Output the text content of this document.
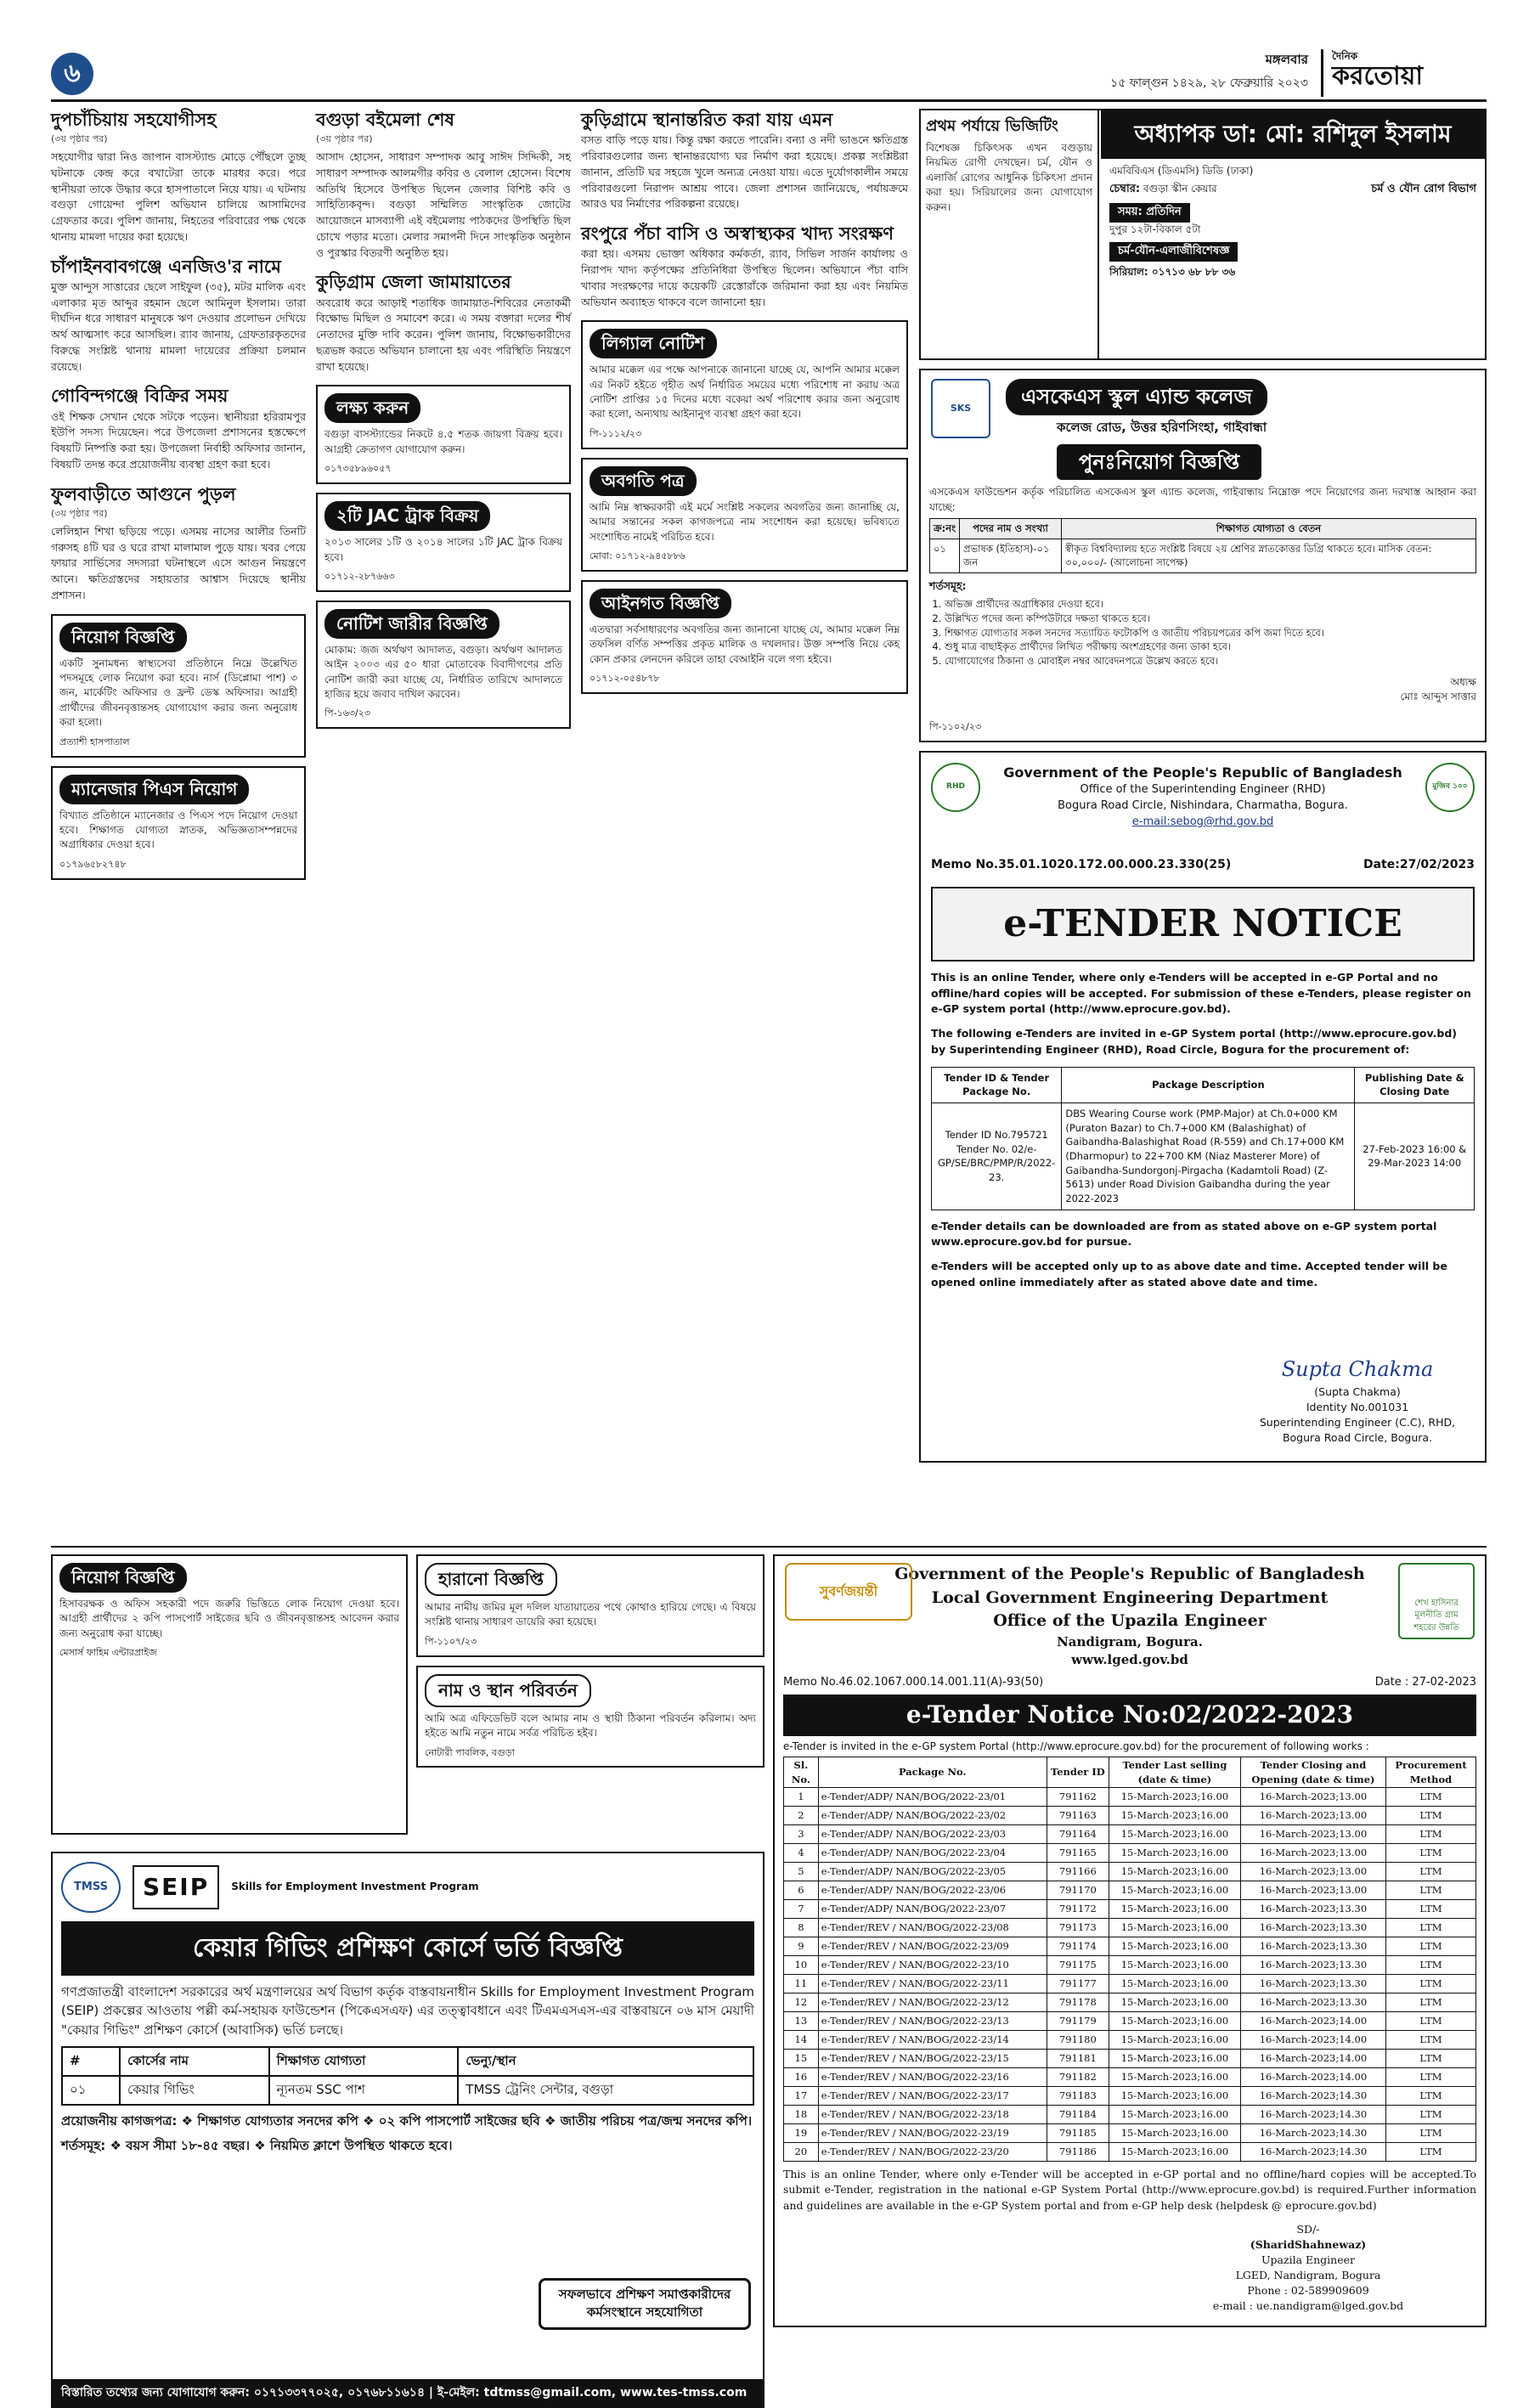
৬	মঙ্গলবার
১৫ ফাল্গুন ১৪২৯, ২৮ ফেব্রুয়ারি ২০২৩
দৈনিক
করতোয়া
দুপচাঁচিয়ায় সহযোগীসহ
(৩য় পৃষ্ঠার পর)

সহযোগীর দ্বারা নিও জাপান বাসস্ট্যান্ড মোড়ে পৌঁছলে তুচ্ছ ঘটনাকে কেন্দ্র করে বখাটেরা তাকে মারধর করে। পরে স্থানীয়রা তাকে উদ্ধার করে হাসপাতালে নিয়ে যায়। এ ঘটনায় বগুড়া গোয়েন্দা পুলিশ অভিযান চালিয়ে আসামিদের গ্রেফতার করে। পুলিশ জানায়, নিহতের পরিবারের পক্ষ থেকে থানায় মামলা দায়ের করা হয়েছে।

চাঁপাইনবাবগঞ্জে এনজিও'র নামে

মুক্ত আন্দুস সাত্তারের ছেলে সাইফুল (৩৫), মটর মালিক এবং এলাকার মৃত আব্দুর রহমান ছেলে আমিনুল ইসলাম। তারা দীর্ঘদিন ধরে সাধারণ মানুষকে ঋণ দেওয়ার প্রলোভন দেখিয়ে অর্থ আত্মসাৎ করে আসছিল। র‌্যাব জানায়, গ্রেফতারকৃতদের বিরুদ্ধে সংশ্লিষ্ট থানায় মামলা দায়েরের প্রক্রিয়া চলমান রয়েছে।

গোবিন্দগঞ্জে বিক্রির সময়

ওই শিক্ষক সেখান থেকে সটকে পড়েন। স্থানীয়রা হরিরামপুর ইউপি সদস্য দিয়েছেন। পরে উপজেলা প্রশাসনের হস্তক্ষেপে বিষয়টি নিষ্পত্তি করা হয়। উপজেলা নির্বাহী অফিসার জানান, বিষয়টি তদন্ত করে প্রয়োজনীয় ব্যবস্থা গ্রহণ করা হবে।

ফুলবাড়ীতে আগুনে পুড়ল
(৩য় পৃষ্ঠার পর)

লেলিহান শিখা ছড়িয়ে পড়ে। এসময় নাসের আলীর তিনটি গরুসহ ৪টি ঘর ও ঘরে রাখা মালামাল পুড়ে যায়। খবর পেয়ে ফায়ার সার্ভিসের সদস্যরা ঘটনাস্থলে এসে আগুন নিয়ন্ত্রণে আনে। ক্ষতিগ্রস্তদের সহায়তার আশ্বাস দিয়েছে স্থানীয় প্রশাসন।

নিয়োগ বিজ্ঞপ্তি

একটি সুনামধন্য স্বাস্থ্যসেবা প্রতিষ্ঠানে নিম্নে উল্লেখিত পদসমূহে লোক নিয়োগ করা হবে। নার্স (ডিপ্লোমা পাশ) ৩ জন, মার্কেটিং অফিসার ও ফ্রন্ট ডেস্ক অফিসার। আগ্রহী প্রার্থীদের জীবনবৃত্তান্তসহ যোগাযোগ করার জন্য অনুরোধ করা হলো।

প্রত্যাশী হাসপাতাল
ম্যানেজার পিএস নিয়োগ

বিখ্যাত প্রতিষ্ঠানে ম্যানেজার ও পিএস পদে নিয়োগ দেওয়া হবে। শিক্ষাগত যোগ্যতা স্নাতক, অভিজ্ঞতাসম্পন্নদের অগ্রাধিকার দেওয়া হবে।

০১৭৯৬৫৮২৭৪৮
বগুড়া বইমেলা শেষ
(৩য় পৃষ্ঠার পর)

আসাদ হোসেন, সাধারণ সম্পাদক আবু সাঈদ সিদ্দিকী, সহ সাধারণ সম্পাদক আলমগীর কবির ও বেলাল হোসেন। বিশেষ অতিথি হিসেবে উপস্থিত ছিলেন জেলার বিশিষ্ট কবি ও সাহিত্যিকবৃন্দ। বগুড়া সম্মিলিত সাংস্কৃতিক জোটের আয়োজনে মাসব্যাপী এই বইমেলায় পাঠকদের উপস্থিতি ছিল চোখে পড়ার মতো। মেলার সমাপনী দিনে সাংস্কৃতিক অনুষ্ঠান ও পুরস্কার বিতরণী অনুষ্ঠিত হয়।

কুড়িগ্রাম জেলা জামায়াতের

অবরোধ করে আড়াই শতাধিক জামায়াত-শিবিরের নেতাকর্মী বিক্ষোভ মিছিল ও সমাবেশ করে। এ সময় বক্তারা দলের শীর্ষ নেতাদের মুক্তি দাবি করেন। পুলিশ জানায়, বিক্ষোভকারীদের ছত্রভঙ্গ করতে অভিযান চালানো হয় এবং পরিস্থিতি নিয়ন্ত্রণে রাখা হয়েছে।

লক্ষ্য করুন

বগুড়া বাসস্ট্যান্ডের নিকটে ৪.৫ শতক জায়গা বিক্রয় হবে। আগ্রহী ক্রেতাগণ যোগাযোগ করুন।

০১৭৩৫৮৯৬০৫৭
২টি JAC ট্রাক বিক্রয়

২০১৩ সালের ১টি ও ২০১৪ সালের ১টি JAC ট্রাক বিক্রয় হবে।

০১৭১২-২৮৭৬৬৩
নোটিশ জারীর বিজ্ঞপ্তি

মোকাম: জজ অর্থঋণ আদালত, বগুড়া। অর্থঋণ আদালত আইন ২০০৩ এর ৫০ ধারা মোতাবেক বিবাদীগণের প্রতি নোটিশ জারী করা যাচ্ছে যে, নির্ধারিত তারিখে আদালতে হাজির হয়ে জবাব দাখিল করবেন।

পি-১৬৩/২৩
কুড়িগ্রামে স্থানান্তরিত করা যায় এমন

বসত বাড়ি পড়ে যায়। কিন্তু রক্ষা করতে পারেনি। বন্যা ও নদী ভাঙনে ক্ষতিগ্রস্ত পরিবারগুলোর জন্য স্থানান্তরযোগ্য ঘর নির্মাণ করা হয়েছে। প্রকল্প সংশ্লিষ্টরা জানান, প্রতিটি ঘর সহজে খুলে অন্যত্র নেওয়া যায়। এতে দুর্যোগকালীন সময়ে পরিবারগুলো নিরাপদ আশ্রয় পাবে। জেলা প্রশাসন জানিয়েছে, পর্যায়ক্রমে আরও ঘর নির্মাণের পরিকল্পনা রয়েছে।

রংপুরে পঁচা বাসি ও অস্বাস্থ্যকর খাদ্য সংরক্ষণ

করা হয়। এসময় ভোক্তা অধিকার কর্মকর্তা, র‌্যাব, সিভিল সার্জন কার্যালয় ও নিরাপদ খাদ্য কর্তৃপক্ষের প্রতিনিধিরা উপস্থিত ছিলেন। অভিযানে পঁচা বাসি খাবার সংরক্ষণের দায়ে কয়েকটি রেস্তোরাঁকে জরিমানা করা হয় এবং নিয়মিত অভিযান অব্যাহত থাকবে বলে জানানো হয়।

লিগ্যাল নোটিশ

আমার মক্কেল এর পক্ষে আপনাকে জানানো যাচ্ছে যে, আপনি আমার মক্কেল এর নিকট হইতে গৃহীত অর্থ নির্ধারিত সময়ের মধ্যে পরিশোধ না করায় অত্র নোটিশ প্রাপ্তির ১৫ দিনের মধ্যে বকেয়া অর্থ পরিশোধ করার জন্য অনুরোধ করা হলো, অন্যথায় আইনানুগ ব্যবস্থা গ্রহণ করা হবে।

পি-১১১২/২৩
অবগতি পত্র

আমি নিম্ন স্বাক্ষরকারী এই মর্মে সংশ্লিষ্ট সকলের অবগতির জন্য জানাচ্ছি যে, আমার সন্তানের সকল কাগজপত্রে নাম সংশোধন করা হয়েছে। ভবিষ্যতে সংশোধিত নামেই পরিচিত হবে।

মোবা: ০১৭১২-৯৪৫৮৮৬
আইনগত বিজ্ঞপ্তি

এতদ্বারা সর্বসাধারণের অবগতির জন্য জানানো যাচ্ছে যে, আমার মক্কেল নিম্ন তফসিল বর্ণিত সম্পত্তির প্রকৃত মালিক ও দখলদার। উক্ত সম্পত্তি নিয়ে কেহ কোন প্রকার লেনদেন করিলে তাহা বেআইনি বলে গণ্য হইবে।

০১৭১২-০৫৪৮৭৮
প্রথম পর্যায়ে ভিজিটিং

বিশেষজ্ঞ চিকিৎসক এখন বগুড়ায় নিয়মিত রোগী দেখছেন। চর্ম, যৌন ও এলার্জি রোগের আধুনিক চিকিৎসা প্রদান করা হয়। সিরিয়ালের জন্য যোগাযোগ করুন।

অধ্যাপক ডা: মো: রশিদুল ইসলাম
এমবিবিএস (ডিএমসি) ডিডি (ঢাকা)
চেম্বার: বগুড়া স্কীন কেয়ার	চর্ম ও যৌন রোগ বিভাগ
সময়: প্রতিদিন
দুপুর ১২টা-বিকাল ৫টা
চর্ম-যৌন-এলার্জীবিশেষজ্ঞ
সিরিয়াল: ০১৭১৩ ৬৮ ৮৮ ৩৬
SKS	এসকেএস স্কুল এ্যান্ড কলেজ
কলেজ রোড, উত্তর হরিণসিংহা, গাইবান্ধা
পুনঃনিয়োগ বিজ্ঞপ্তি

এসকেএস ফাউন্ডেশন কর্তৃক পরিচালিত এসকেএস স্কুল এ্যান্ড কলেজ, গাইবান্ধায় নিম্নোক্ত পদে নিয়োগের জন্য দরখাস্ত আহ্বান করা যাচ্ছে:

ক্র:নং	পদের নাম ও সংখ্যা	শিক্ষাগত যোগ্যতা ও বেতন
০১	প্রভাষক (ইতিহাস)-০১ জন	স্বীকৃত বিশ্ববিদ্যালয় হতে সংশ্লিষ্ট বিষয়ে ২য় শ্রেণির স্নাতকোত্তর ডিগ্রি থাকতে হবে। মাসিক বেতন: ৩০,০০০/- (আলোচনা সাপেক্ষ)
শর্তসমূহ:
1. অভিজ্ঞ প্রার্থীদের অগ্রাধিকার দেওয়া হবে।
2. উল্লিখিত পদের জন্য কম্পিউটারে দক্ষতা থাকতে হবে।
3. শিক্ষাগত যোগ্যতার সকল সনদের সত্যায়িত ফটোকপি ও জাতীয় পরিচয়পত্রের কপি জমা দিতে হবে।
4. শুধু মাত্র বাছাইকৃত প্রার্থীদের লিখিত পরীক্ষায় অংশগ্রহণের জন্য ডাকা হবে।
5. যোগাযোগের ঠিকানা ও মোবাইল নম্বর আবেদনপত্রে উল্লেখ করতে হবে।
অধ্যক্ষ
মোঃ আব্দুস সাত্তার
পি-১১০২/২৩
RHD	মুজিব ১০০
Government of the People's Republic of Bangladesh
Office of the Superintending Engineer (RHD)
Bogura Road Circle, Nishindara, Charmatha, Bogura.
e-mail:sebog@rhd.gov.bd
Memo No.35.01.1020.172.00.000.23.330(25)	Date:27/02/2023
e-TENDER NOTICE

This is an online Tender, where only e-Tenders will be accepted in e-GP Portal and no offline/hard copies will be accepted. For submission of these e-Tenders, please register on e-GP system portal (http://www.eprocure.gov.bd).

The following e-Tenders are invited in e-GP System portal (http://www.eprocure.gov.bd) by Superintending Engineer (RHD), Road Circle, Bogura for the procurement of:

Tender ID & Tender Package No.	Package Description	Publishing Date & Closing Date
Tender ID No.795721 Tender No. 02/e-GP/SE/BRC/PMP/R/2022-23.	DBS Wearing Course work (PMP-Major) at Ch.0+000 KM (Puraton Bazar) to Ch.7+000 KM (Balashighat) of Gaibandha-Balashighat Road (R-559) and Ch.17+000 KM (Dharmopur) to 22+700 KM (Niaz Masterer More) of Gaibandha-Sundorgonj-Pirgacha (Kadamtoli Road) (Z-5613) under Road Division Gaibandha during the year 2022-2023	27-Feb-2023 16:00 & 29-Mar-2023 14:00

e-Tender details can be downloaded are from as stated above on e-GP system portal www.eprocure.gov.bd for pursue.

e-Tenders will be accepted only up to as above date and time. Accepted tender will be opened online immediately after as stated above date and time.

Supta Chakma
(Supta Chakma)
Identity No.001031
Superintending Engineer (C.C), RHD,
Bogura Road Circle, Bogura.
নিয়োগ বিজ্ঞপ্তি

হিসাবরক্ষক ও অফিস সহকারী পদে জরুরি ভিত্তিতে লোক নিয়োগ দেওয়া হবে। আগ্রহী প্রার্থীদের ২ কপি পাসপোর্ট সাইজের ছবি ও জীবনবৃত্তান্তসহ আবেদন করার জন্য অনুরোধ করা যাচ্ছে।

মেসার্স ফাহিম এন্টারপ্রাইজ
হারানো বিজ্ঞপ্তি

আমার নামীয় জমির মূল দলিল যাতায়াতের পথে কোথাও হারিয়ে গেছে। এ বিষয়ে সংশ্লিষ্ট থানায় সাধারণ ডায়েরি করা হয়েছে।

পি-১১০৭/২৩
নাম ও স্থান পরিবর্তন

আমি অত্র এফিডেভিট বলে আমার নাম ও স্থায়ী ঠিকানা পরিবর্তন করিলাম। অদ্য হইতে আমি নতুন নামে সর্বত্র পরিচিত হইব।

নোটারী পাবলিক, বগুড়া
TMSS	SEIP	Skills for Employment Investment Program
কেয়ার গিভিং প্রশিক্ষণ কোর্সে ভর্তি বিজ্ঞপ্তি

গণপ্রজাতন্ত্রী বাংলাদেশ সরকারের অর্থ মন্ত্রণালয়ের অর্থ বিভাগ কর্তৃক বাস্তবায়নাধীন Skills for Employment Investment Program (SEIP) প্রকল্পের আওতায় পল্লী কর্ম-সহায়ক ফাউন্ডেশন (পিকেএসএফ) এর তত্ত্বাবধানে এবং টিএমএসএস-এর বাস্তবায়নে ০৬ মাস মেয়াদী "কেয়ার গিভিং" প্রশিক্ষণ কোর্সে (আবাসিক) ভর্তি চলছে।

#	কোর্সের নাম	শিক্ষাগত যোগ্যতা	ভেন্যু/স্থান
০১	কেয়ার গিভিং	ন্যূনতম SSC পাশ	TMSS ট্রেনিং সেন্টার, বগুড়া
প্রয়োজনীয় কাগজপত্র: ❖ শিক্ষাগত যোগ্যতার সনদের কপি ❖ ০২ কপি পাসপোর্ট সাইজের ছবি ❖ জাতীয় পরিচয় পত্র/জন্ম সনদের কপি।
শর্তসমূহ: ❖ বয়স সীমা ১৮-৪৫ বছর। ❖ নিয়মিত ক্লাশে উপস্থিত থাকতে হবে।
সফলভাবে প্রশিক্ষণ সমাপ্তকারীদের কর্মসংস্থানে সহযোগিতা
বিস্তারিত তথ্যের জন্য যোগাযোগ করুন: ০১৭১৩৩৭৭০২৫, ০১৭৬৮১১৬১৪ | ই-মেইল: tdtmss@gmail.com, www.tes-tmss.com
সুবর্ণজয়ন্তী
শেখ হাসিনার মূলনীতি গ্রাম শহরের উন্নতি
Government of the People's Republic of Bangladesh
Local Government Engineering Department
Office of the Upazila Engineer
Nandigram, Bogura.
www.lged.gov.bd
Memo No.46.02.1067.000.14.001.11(A)-93(50)	Date : 27-02-2023
e-Tender Notice No:02/2022-2023
e-Tender is invited in the e-GP system Portal (http://www.eprocure.gov.bd) for the procurement of following works :
Sl. No.	Package No.	Tender ID	Tender Last selling (date & time)	Tender Closing and Opening (date & time)	Procurement Method
1	e-Tender/ADP/ NAN/BOG/2022-23/01	791162	15-March-2023;16.00	16-March-2023;13.00	LTM
2	e-Tender/ADP/ NAN/BOG/2022-23/02	791163	15-March-2023;16.00	16-March-2023;13.00	LTM
3	e-Tender/ADP/ NAN/BOG/2022-23/03	791164	15-March-2023;16.00	16-March-2023;13.00	LTM
4	e-Tender/ADP/ NAN/BOG/2022-23/04	791165	15-March-2023;16.00	16-March-2023;13.00	LTM
5	e-Tender/ADP/ NAN/BOG/2022-23/05	791166	15-March-2023;16.00	16-March-2023;13.00	LTM
6	e-Tender/ADP/ NAN/BOG/2022-23/06	791170	15-March-2023;16.00	16-March-2023;13.00	LTM
7	e-Tender/ADP/ NAN/BOG/2022-23/07	791172	15-March-2023;16.00	16-March-2023;13.30	LTM
8	e-Tender/REV / NAN/BOG/2022-23/08	791173	15-March-2023;16.00	16-March-2023;13.30	LTM
9	e-Tender/REV / NAN/BOG/2022-23/09	791174	15-March-2023;16.00	16-March-2023;13.30	LTM
10	e-Tender/REV / NAN/BOG/2022-23/10	791175	15-March-2023;16.00	16-March-2023;13.30	LTM
11	e-Tender/REV / NAN/BOG/2022-23/11	791177	15-March-2023;16.00	16-March-2023;13.30	LTM
12	e-Tender/REV / NAN/BOG/2022-23/12	791178	15-March-2023;16.00	16-March-2023;13.30	LTM
13	e-Tender/REV / NAN/BOG/2022-23/13	791179	15-March-2023;16.00	16-March-2023;14.00	LTM
14	e-Tender/REV / NAN/BOG/2022-23/14	791180	15-March-2023;16.00	16-March-2023;14.00	LTM
15	e-Tender/REV / NAN/BOG/2022-23/15	791181	15-March-2023;16.00	16-March-2023;14.00	LTM
16	e-Tender/REV / NAN/BOG/2022-23/16	791182	15-March-2023;16.00	16-March-2023;14.00	LTM
17	e-Tender/REV / NAN/BOG/2022-23/17	791183	15-March-2023;16.00	16-March-2023;14.30	LTM
18	e-Tender/REV / NAN/BOG/2022-23/18	791184	15-March-2023;16.00	16-March-2023;14.30	LTM
19	e-Tender/REV / NAN/BOG/2022-23/19	791185	15-March-2023;16.00	16-March-2023;14.30	LTM
20	e-Tender/REV / NAN/BOG/2022-23/20	791186	15-March-2023;16.00	16-March-2023;14.30	LTM
This is an online Tender, where only e-Tender will be accepted in e-GP portal and no offline/hard copies will be accepted.To submit e-Tender, registration in the national e-GP System Portal (http://www.eprocure.gov.bd) is required.Further information and guidelines are available in the e-GP System portal and from e-GP help desk (helpdesk @ eprocure.gov.bd)
SD/-
(SharidShahnewaz)
Upazila Engineer
LGED, Nandigram, Bogura
Phone : 02-589909609
e-mail : ue.nandigram@lged.gov.bd
